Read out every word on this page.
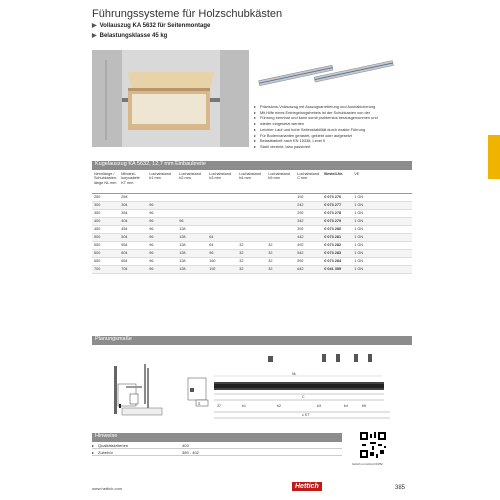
Führungssysteme für Holzschubkästen
▶ Vollauszug KA 5632 für Seitenmontage
▶ Belastungsklasse 45 kg
▸ Präzisions-Vollauszug mit Auszugsarretierung und Aushakicherung
▸ Mit Hilfe eines Entriegelungshebels ist der Schubkasten von der
▸ Führung trennbar und kann somit problemlos herausgenommen und
▸ wieder eingesetzt werden
▸ Leichter Lauf und hohe Seitenstabilität durch exakte Führung
▸ Für Bodenvarianten gerastet, geklebt oder aufgesetzt
▸ Belastbarkeit nach EN 15338, Level II
▸ Stahl verzinkt, blau passiviert
Kugelauszug KA 5632, 12,7 mm Einbaubreite
Nennlänge / Schubkasten-länge NL mm	Mindest-korpustiefe KT mm	Lochabstand b1 mm	Lochabstand b2 mm	Lochabstand b3 mm	Lochabstand b4 mm	Lochabstand b5 mm	Lochabstand C mm	Bestell-Nr.	VE
250	254						192	0 073 276	1 GN
300	304	96					242	0 073 277	1 GN
350	354	96					292	0 073 278	1 GN
400	404	96	96				342	0 073 279	1 GN
450	454	96	128				392	0 073 280	1 GN
500	504	96	128	64			442	0 073 281	1 GN
550	554	96	128	64	32	32	492	0 073 282	1 GN
600	604	96	128	96	32	32	542	0 073 283	1 GN
650	654	96	128	160	32	32	592	0 073 284	1 GN
700	704	96	128	192	32	32	642	0 041 355	1 GN
Planungsmaße
S	37	b1	b2	b3	b4	b5
C
≥ KT
NL
Hinweise
▸ Qualitätskriterien	403
▸ Zubehör	389 - 402
hettich.com/short/19f5c
www.hettich.com	Hettich	385
